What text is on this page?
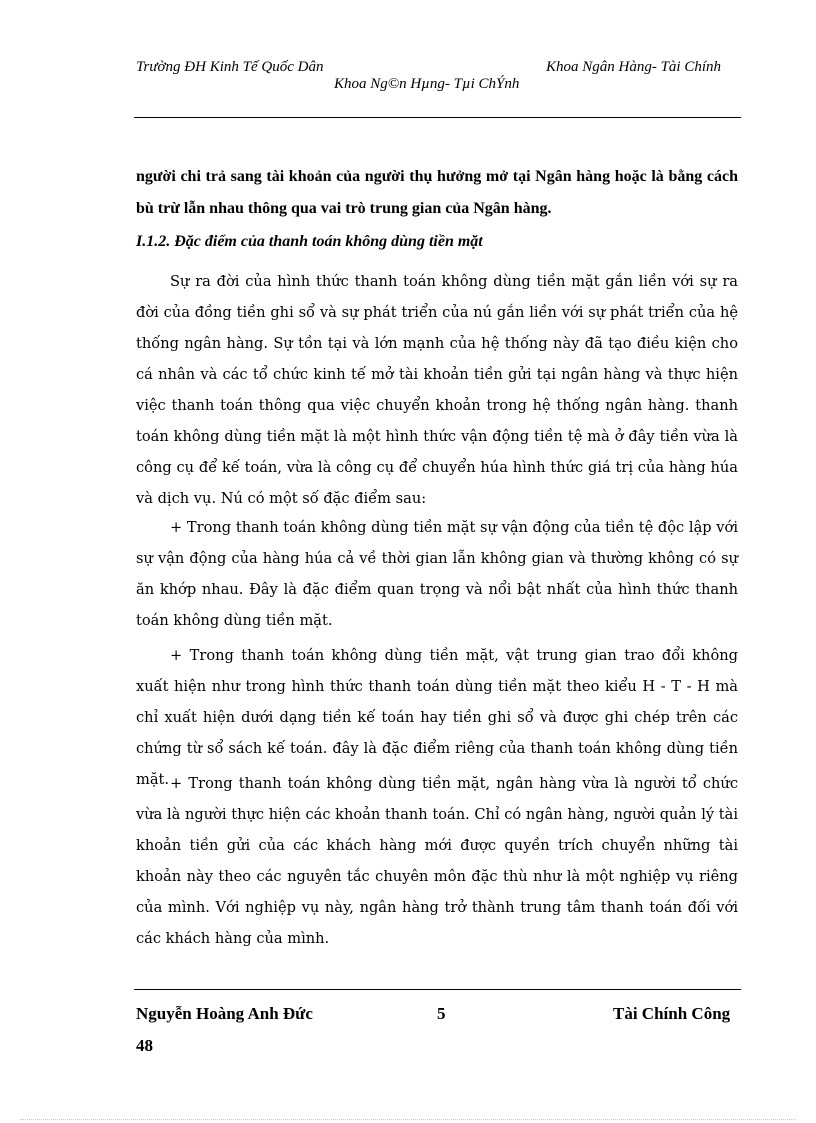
Trường ĐH Kinh Tế Quốc Dân	Khoa Ngân Hàng- Tài Chính
Khoa Ng©n Hµng- Tµi ChÝnh

người chi trả sang tài khoản của người thụ hưởng mở tại Ngân hàng hoặc là bằng cách bù trừ lẫn nhau thông qua vai trò trung gian của Ngân hàng.

I.1.2. Đặc điểm của thanh toán không dùng tiền mặt

Sự ra đời của hình thức thanh toán không dùng tiền mặt gắn liền với sự ra đời của đồng tiền ghi sổ và sự phát triển của nú gắn liền với sự phát triển của hệ thống ngân hàng. Sự tồn tại và lớn mạnh của hệ thống này đã tạo điều kiện cho cá nhân và các tổ chức kinh tế mở tài khoản tiền gửi tại ngân hàng và thực hiện việc thanh toán thông qua việc chuyển khoản trong hệ thống ngân hàng. thanh toán không dùng tiền mặt là một hình thức vận động tiền tệ mà ở đây tiền vừa là công cụ để kế toán, vừa là công cụ để chuyển húa hình thức giá trị của hàng húa và dịch vụ. Nú có một số đặc điểm sau:

+ Trong thanh toán không dùng tiền mặt sự vận động của tiền tệ độc lập với sự vận động của hàng húa cả về thời gian lẫn không gian và thường không có sự ăn khớp nhau. Đây là đặc điểm quan trọng và nổi bật nhất của hình thức thanh toán không dùng tiền mặt.

+ Trong thanh toán không dùng tiền mặt, vật trung gian trao đổi không xuất hiện như trong hình thức thanh toán dùng tiền mặt theo kiểu H - T - H mà chỉ xuất hiện dưới dạng tiền kế toán hay tiền ghi sổ và được ghi chép trên các chứng từ sổ sách kế toán. đây là đặc điểm riêng của thanh toán không dùng tiền mặt. + Trong thanh toán không dùng tiền mặt, ngân hàng vừa là người tổ chức vừa là người thực hiện các khoản thanh toán. Chỉ có ngân hàng, người quản lý tài khoản tiền gửi của các khách hàng mới được quyền trích chuyển những tài khoản này theo các nguyên tắc chuyên môn đặc thù như là một nghiệp vụ riêng của mình. Với nghiệp vụ này, ngân hàng trở thành trung tâm thanh toán đối với các khách hàng của mình.

Nguyễn Hoàng Anh Đức	5	Tài Chính Công
48
